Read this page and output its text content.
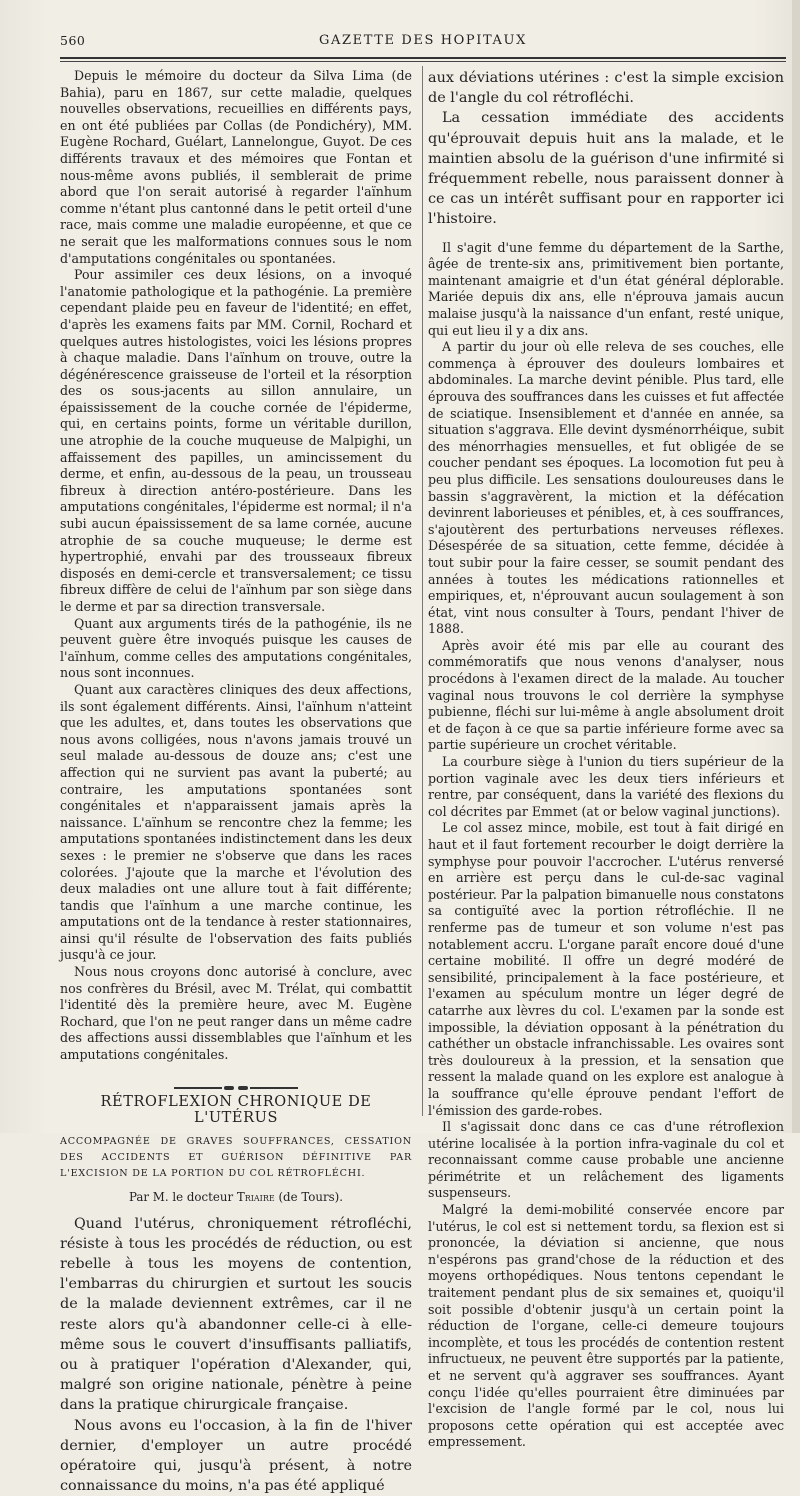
560	GAZETTE DES HOPITAUX

Depuis le mémoire du docteur da Silva Lima (de Bahia), paru en 1867, sur cette maladie, quelques nouvelles observations, recueillies en différents pays, en ont été publiées par Collas (de Pondichéry), MM. Eugène Rochard, Guélart, Lannelongue, Guyot. De ces différents travaux et des mémoires que Fontan et nous-même avons publiés, il semblerait de prime abord que l'on serait autorisé à regarder l'aïnhum comme n'étant plus cantonné dans le petit orteil d'une race, mais comme une maladie européenne, et que ce ne serait que les malformations connues sous le nom d'amputations congénitales ou spontanées.

Pour assimiler ces deux lésions, on a invoqué l'anatomie pathologique et la pathogénie. La première cependant plaide peu en faveur de l'identité; en effet, d'après les examens faits par MM. Cornil, Rochard et quelques autres histologistes, voici les lésions propres à chaque maladie. Dans l'aïnhum on trouve, outre la dégénérescence graisseuse de l'orteil et la résorption des os sous-jacents au sillon annulaire, un épaississement de la couche cornée de l'épiderme, qui, en certains points, forme un véritable durillon, une atrophie de la couche muqueuse de Malpighi, un affaissement des papilles, un amincissement du derme, et enfin, au-dessous de la peau, un trousseau fibreux à direction antéro-postérieure. Dans les amputations congénitales, l'épiderme est normal; il n'a subi aucun épaississement de sa lame cornée, aucune atrophie de sa couche muqueuse; le derme est hypertrophié, envahi par des trousseaux fibreux disposés en demi-cercle et transversalement; ce tissu fibreux diffère de celui de l'aïnhum par son siège dans le derme et par sa direction transversale.

Quant aux arguments tirés de la pathogénie, ils ne peuvent guère être invoqués puisque les causes de l'aïnhum, comme celles des amputations congénitales, nous sont inconnues.

Quant aux caractères cliniques des deux affections, ils sont également différents. Ainsi, l'aïnhum n'atteint que les adultes, et, dans toutes les observations que nous avons colligées, nous n'avons jamais trouvé un seul malade au-dessous de douze ans; c'est une affection qui ne survient pas avant la puberté; au contraire, les amputations spontanées sont congénitales et n'apparaissent jamais après la naissance. L'aïnhum se rencontre chez la femme; les amputations spontanées indistinctement dans les deux sexes : le premier ne s'observe que dans les races colorées. J'ajoute que la marche et l'évolution des deux maladies ont une allure tout à fait différente; tandis que l'aïnhum a une marche continue, les amputations ont de la tendance à rester stationnaires, ainsi qu'il résulte de l'observation des faits publiés jusqu'à ce jour.

Nous nous croyons donc autorisé à conclure, avec nos confrères du Brésil, avec M. Trélat, qui combattit l'identité dès la première heure, avec M. Eugène Rochard, que l'on ne peut ranger dans un même cadre des affections aussi dissemblables que l'aïnhum et les amputations congénitales.

RÉTROFLEXION CHRONIQUE DE L'UTÉRUS

ACCOMPAGNÉE DE GRAVES SOUFFRANCES, CESSATION DES ACCIDENTS ET GUÉRISON DÉFINITIVE PAR L'EXCISION DE LA PORTION DU COL RÉTROFLÉCHI.

Par M. le docteur Triaire (de Tours).

Quand l'utérus, chroniquement rétrofléchi, résiste à tous les procédés de réduction, ou est rebelle à tous les moyens de contention, l'embarras du chirurgien et surtout les soucis de la malade deviennent extrêmes, car il ne reste alors qu'à abandonner celle-ci à elle-même sous le couvert d'insuffisants palliatifs, ou à pratiquer l'opération d'Alexander, qui, malgré son origine nationale, pénètre à peine dans la pratique chirurgicale française.

Nous avons eu l'occasion, à la fin de l'hiver dernier, d'employer un autre procédé opératoire qui, jusqu'à présent, à notre connaissance du moins, n'a pas été appliqué

aux déviations utérines : c'est la simple excision de l'angle du col rétrofléchi.

La cessation immédiate des accidents qu'éprouvait depuis huit ans la malade, et le maintien absolu de la guérison d'une infirmité si fréquemment rebelle, nous paraissent donner à ce cas un intérêt suffisant pour en rapporter ici l'histoire.

Il s'agit d'une femme du département de la Sarthe, âgée de trente-six ans, primitivement bien portante, maintenant amaigrie et d'un état général déplorable. Mariée depuis dix ans, elle n'éprouva jamais aucun malaise jusqu'à la naissance d'un enfant, resté unique, qui eut lieu il y a dix ans.

A partir du jour où elle releva de ses couches, elle commença à éprouver des douleurs lombaires et abdominales. La marche devint pénible. Plus tard, elle éprouva des souffrances dans les cuisses et fut affectée de sciatique. Insensiblement et d'année en année, sa situation s'aggrava. Elle devint dysménorrhéique, subit des ménorrhagies mensuelles, et fut obligée de se coucher pendant ses époques. La locomotion fut peu à peu plus difficile. Les sensations douloureuses dans le bassin s'aggravèrent, la miction et la défécation devinrent laborieuses et pénibles, et, à ces souffrances, s'ajoutèrent des perturbations nerveuses réflexes. Désespérée de sa situation, cette femme, décidée à tout subir pour la faire cesser, se soumit pendant des années à toutes les médications rationnelles et empiriques, et, n'éprouvant aucun soulagement à son état, vint nous consulter à Tours, pendant l'hiver de 1888.

Après avoir été mis par elle au courant des commémoratifs que nous venons d'analyser, nous procédons à l'examen direct de la malade. Au toucher vaginal nous trouvons le col derrière la symphyse pubienne, fléchi sur lui-même à angle absolument droit et de façon à ce que sa partie inférieure forme avec sa partie supérieure un crochet véritable.

La courbure siège à l'union du tiers supérieur de la portion vaginale avec les deux tiers inférieurs et rentre, par conséquent, dans la variété des flexions du col décrites par Emmet (at or below vaginal junctions).

Le col assez mince, mobile, est tout à fait dirigé en haut et il faut fortement recourber le doigt derrière la symphyse pour pouvoir l'accrocher. L'utérus renversé en arrière est perçu dans le cul-de-sac vaginal postérieur. Par la palpation bimanuelle nous constatons sa contiguïté avec la portion rétrofléchie. Il ne renferme pas de tumeur et son volume n'est pas notablement accru. L'organe paraît encore doué d'une certaine mobilité. Il offre un degré modéré de sensibilité, principalement à la face postérieure, et l'examen au spéculum montre un léger degré de catarrhe aux lèvres du col. L'examen par la sonde est impossible, la déviation opposant à la pénétration du cathéther un obstacle infranchissable. Les ovaires sont très douloureux à la pression, et la sensation que ressent la malade quand on les explore est analogue à la souffrance qu'elle éprouve pendant l'effort de l'émission des garde-robes.

Il s'agissait donc dans ce cas d'une rétroflexion utérine localisée à la portion infra-vaginale du col et reconnaissant comme cause probable une ancienne périmétrite et un relâchement des ligaments suspenseurs.

Malgré la demi-mobilité conservée encore par l'utérus, le col est si nettement tordu, sa flexion est si prononcée, la déviation si ancienne, que nous n'espérons pas grand'chose de la réduction et des moyens orthopédiques. Nous tentons cependant le traitement pendant plus de six semaines et, quoiqu'il soit possible d'obtenir jusqu'à un certain point la réduction de l'organe, celle-ci demeure toujours incomplète, et tous les procédés de contention restent infructueux, ne peuvent être supportés par la patiente, et ne servent qu'à aggraver ses souffrances. Ayant conçu l'idée qu'elles pourraient être diminuées par l'excision de l'angle formé par le col, nous lui proposons cette opération qui est acceptée avec empressement.
